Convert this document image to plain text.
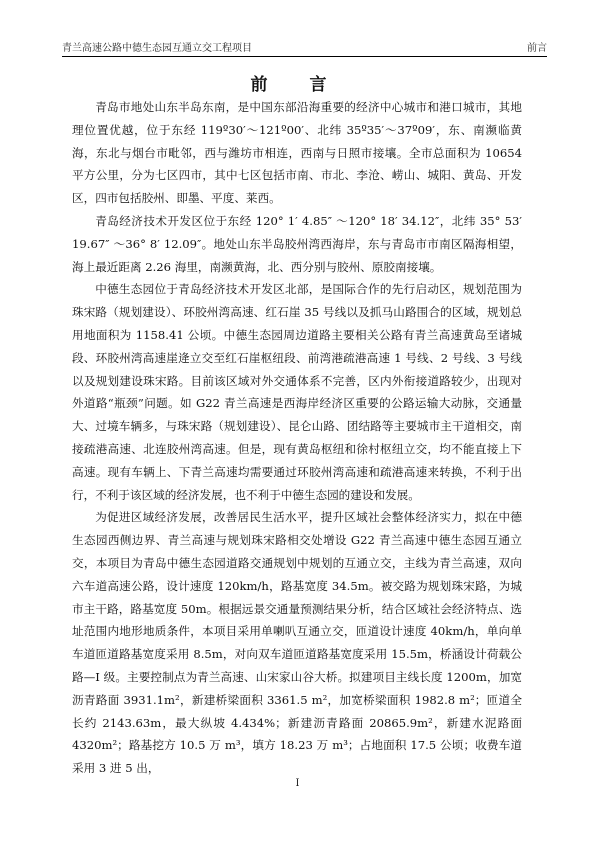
青兰高速公路中德生态园互通立交工程项目	前言
前 言

青岛市地处山东半岛东南，是中国东部沿海重要的经济中心城市和港口城市，其地理位置优越，位于东经 119º30′～121º00′、北纬 35º35′～37º09′，东、南濒临黄海，东北与烟台市毗邻，西与潍坊市相连，西南与日照市接壤。全市总面积为 10654 平方公里，分为七区四市，其中七区包括市南、市北、李沧、崂山、城阳、黄岛、开发区，四市包括胶州、即墨、平度、莱西。

青岛经济技术开发区位于东经 120° 1′ 4.85″ ～120° 18′ 34.12″，北纬 35° 53′ 19.67″ ～36° 8′ 12.09″。地处山东半岛胶州湾西海岸，东与青岛市市南区隔海相望，海上最近距离 2.26 海里，南濒黄海，北、西分别与胶州、原胶南接壤。

中德生态园位于青岛经济技术开发区北部，是国际合作的先行启动区，规划范围为珠宋路（规划建设）、环胶州湾高速、红石崖 35 号线以及抓马山路围合的区域，规划总用地面积为 1158.41 公顷。中德生态园周边道路主要相关公路有青兰高速黄岛至诸城段、环胶州湾高速崖逄立交至红石崖枢纽段、前湾港疏港高速 1 号线、2 号线、3 号线以及规划建设珠宋路。目前该区域对外交通体系不完善，区内外衔接道路较少，出现对外道路“瓶颈”问题。如 G22 青兰高速是西海岸经济区重要的公路运输大动脉，交通量大、过境车辆多，与珠宋路（规划建设）、昆仑山路、团结路等主要城市主干道相交，南接疏港高速、北连胶州湾高速。但是，现有黄岛枢纽和徐村枢纽立交，均不能直接上下高速。现有车辆上、下青兰高速均需要通过环胶州湾高速和疏港高速来转换，不利于出行，不利于该区域的经济发展，也不利于中德生态园的建设和发展。

为促进区域经济发展，改善居民生活水平，提升区域社会整体经济实力，拟在中德生态园西侧边界、青兰高速与规划珠宋路相交处增设 G22 青兰高速中德生态园互通立交，本项目为青岛中德生态园道路交通规划中规划的互通立交，主线为青兰高速，双向六车道高速公路，设计速度 120km/h，路基宽度 34.5m。被交路为规划珠宋路，为城市主干路，路基宽度 50m。根据远景交通量预测结果分析，结合区域社会经济特点、选址范围内地形地质条件，本项目采用单喇叭互通立交，匝道设计速度 40km/h，单向单车道匝道路基宽度采用 8.5m，对向双车道匝道路基宽度采用 15.5m，桥涵设计荷载公路—I 级。主要控制点为青兰高速、山宋家山谷大桥。拟建项目主线长度 1200m，加宽沥青路面 3931.1m²，新建桥梁面积 3361.5 m²，加宽桥梁面积 1982.8 m²；匝道全长约 2143.63m，最大纵坡 4.434%；新建沥青路面 20865.9m²，新建水泥路面 4320m²；路基挖方 10.5 万 m³，填方 18.23 万 m³；占地面积 17.5 公顷；收费车道采用 3 进 5 出，

I
